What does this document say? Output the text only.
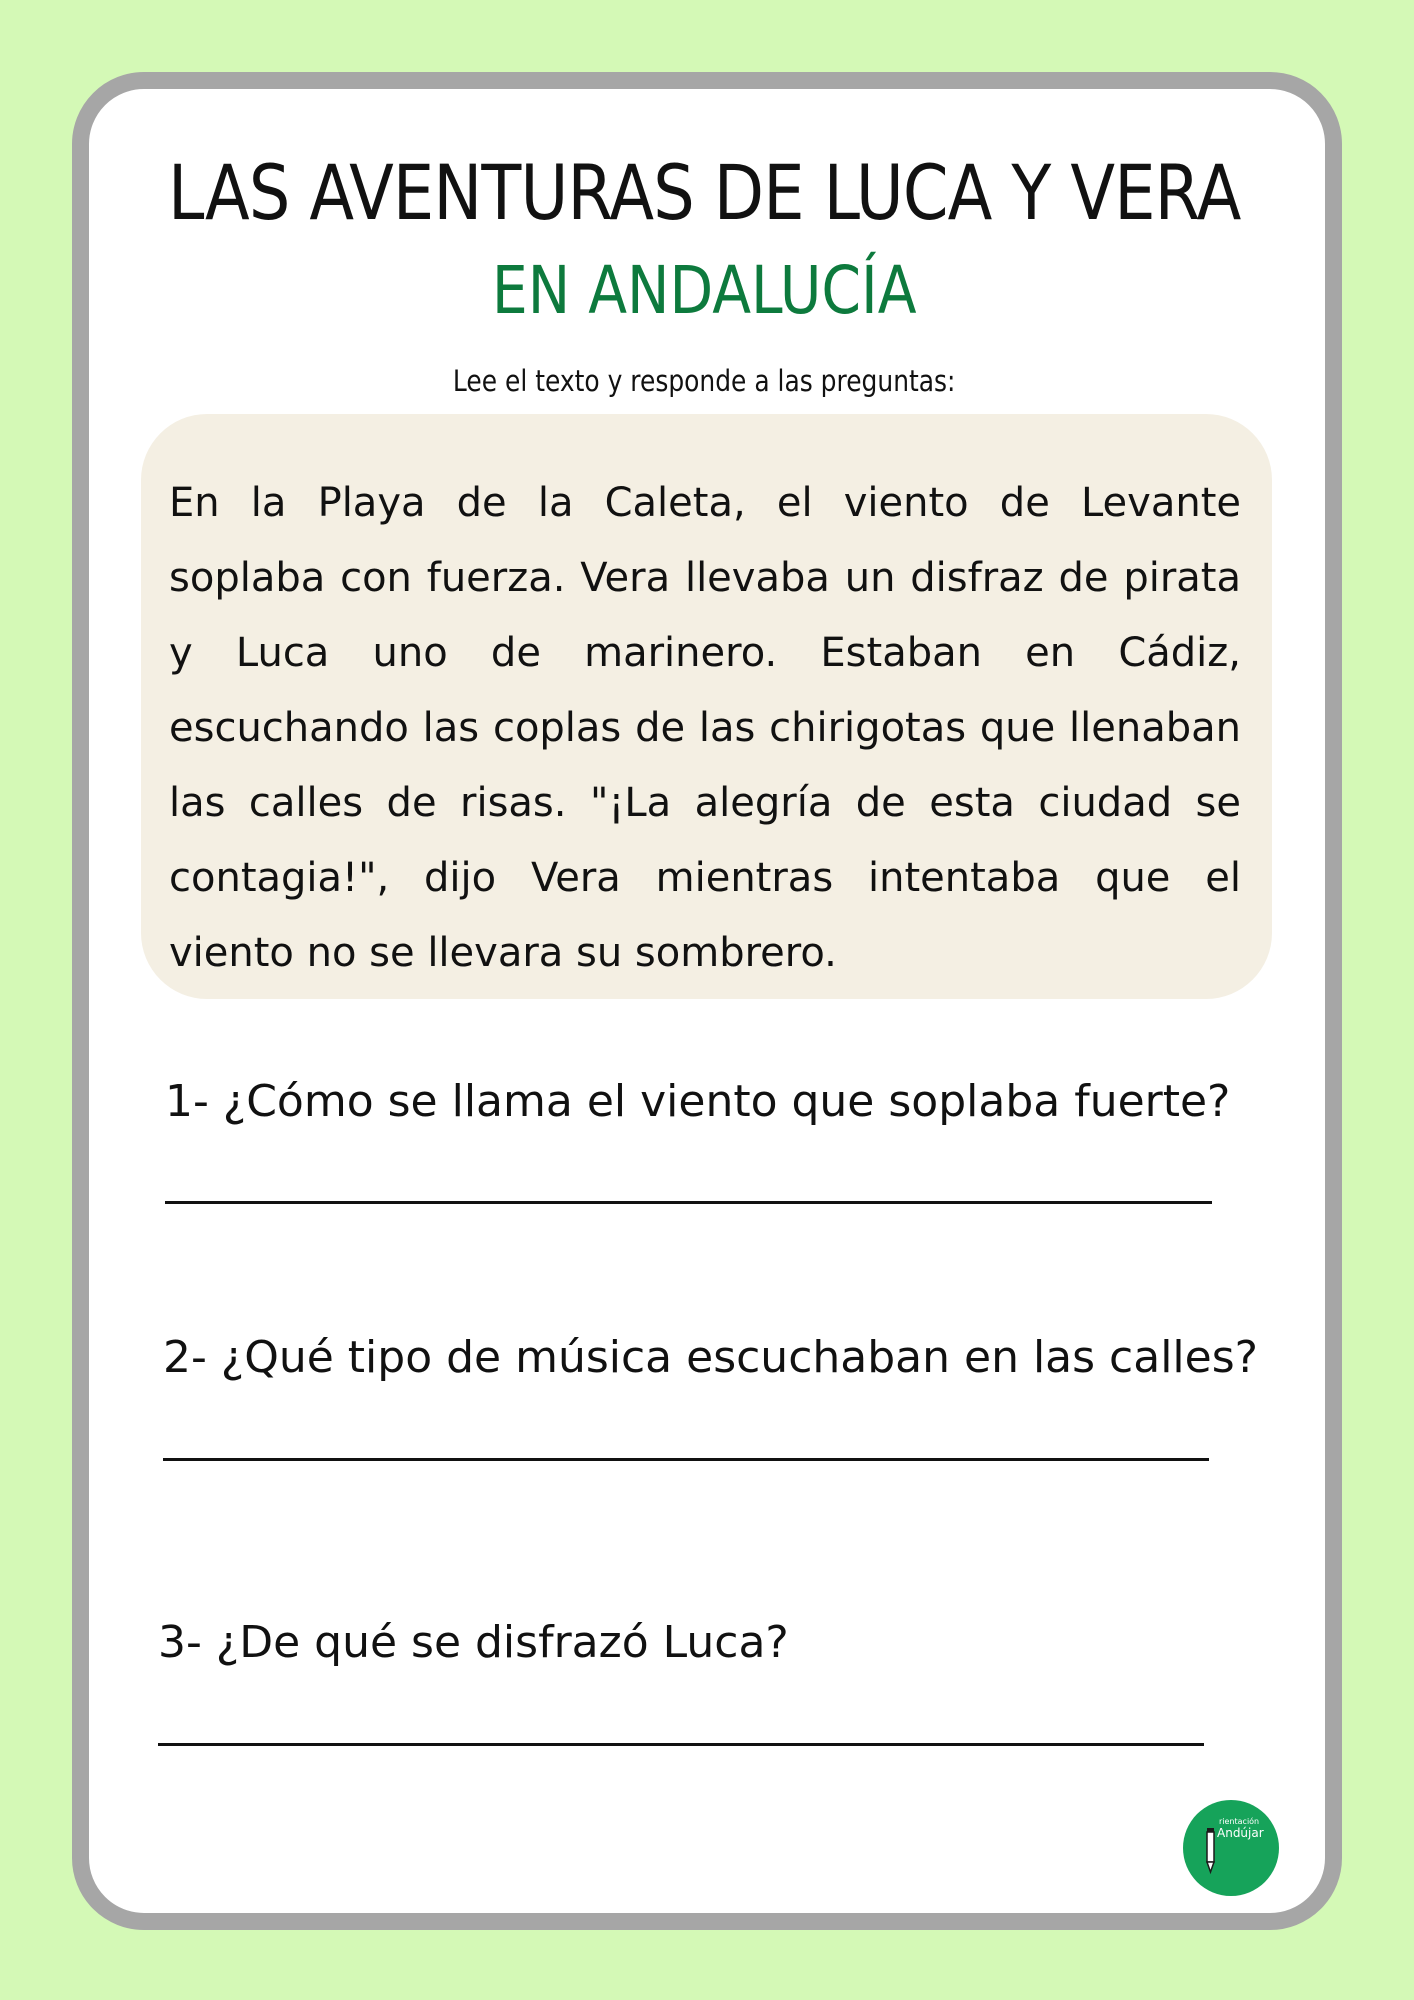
LAS AVENTURAS DE LUCA Y VERA
EN ANDALUCÍA

Lee el texto y responde a las preguntas:

En la Playa de la Caleta, el viento de Levante soplaba con fuerza. Vera llevaba un disfraz de pirata y Luca uno de marinero. Estaban en Cádiz, escuchando las coplas de las chirigotas que llenaban las calles de risas. "¡La alegría de esta ciudad se contagia!", dijo Vera mientras intentaba que el viento no se llevara su sombrero.

1- ¿Cómo se llama el viento que soplaba fuerte?

2- ¿Qué tipo de música escuchaban en las calles?

3- ¿De qué se disfrazó Luca?

rientación
Andújar
